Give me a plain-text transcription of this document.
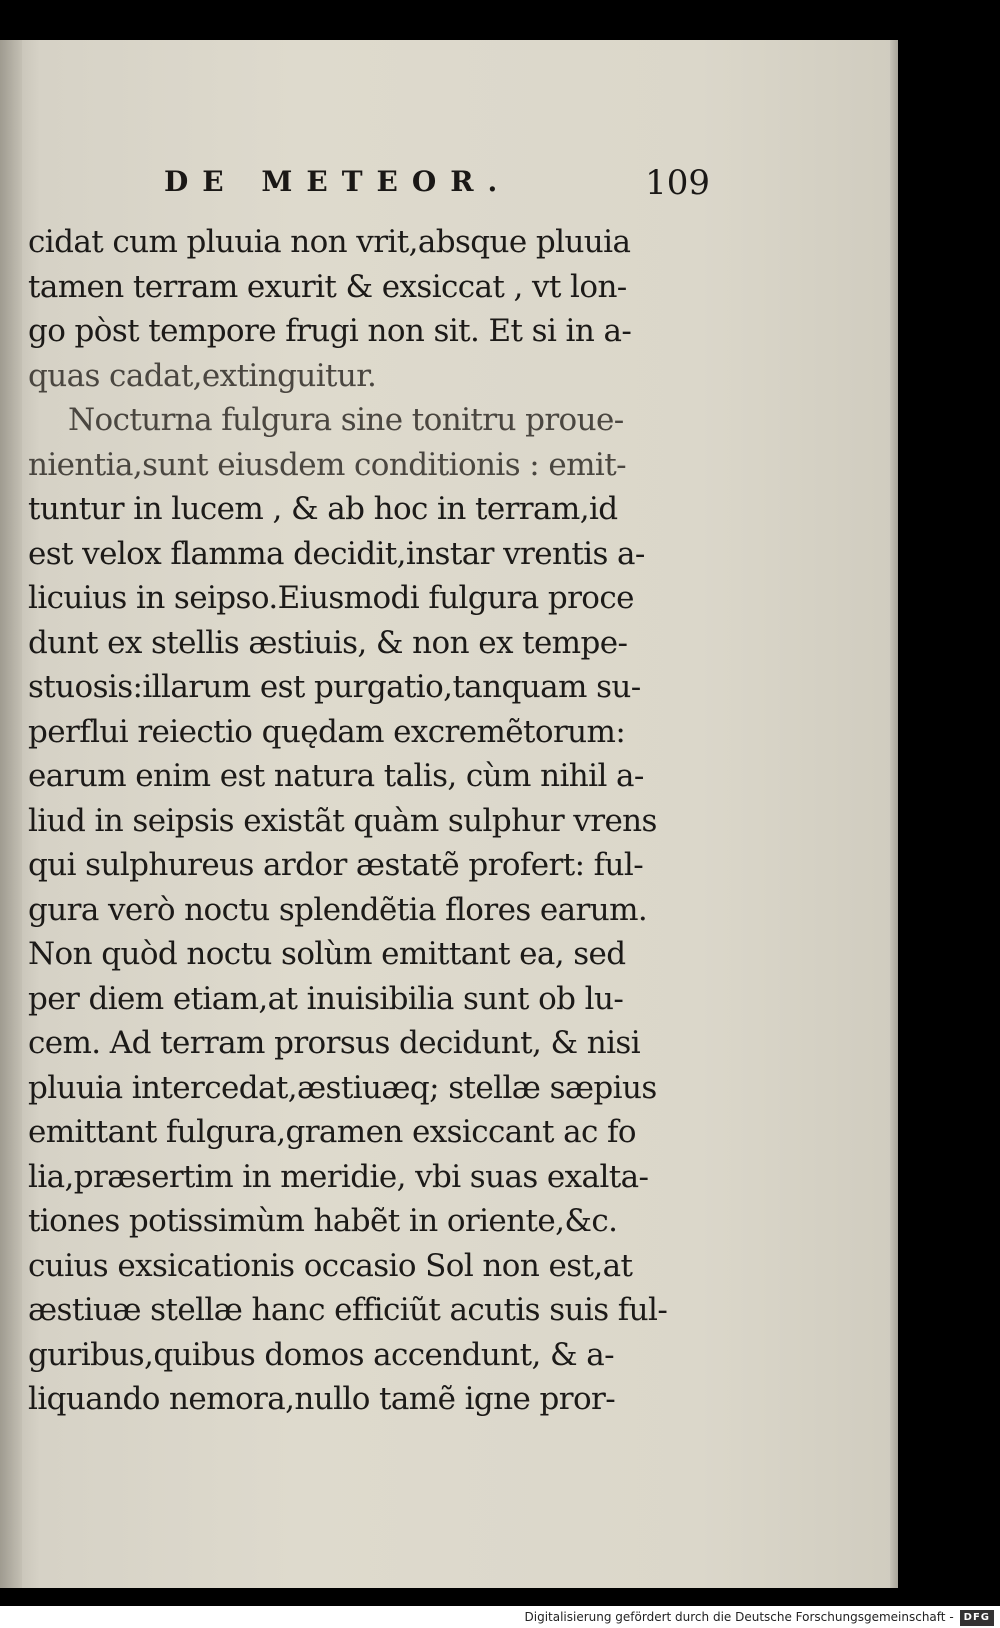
DE METEOR.	109
cidat cum pluuia non vrit,absque pluuia
tamen terram exurit & exsiccat , vt lon-
go pòst tempore frugi non sit. Et si in a-
quas cadat,extinguitur.
Nocturna fulgura sine tonitru proue-
nientia,sunt eiusdem conditionis : emit-
tuntur in lucem , & ab hoc in terram,id
est velox flamma decidit,instar vrentis a-
licuius in seipso.Eiusmodi fulgura proce
dunt ex stellis æstiuis, & non ex tempe-
stuosis:illarum est purgatio,tanquam su-
perflui reiectio quędam excremẽtorum:
earum enim est natura talis, cùm nihil a-
liud in seipsis existãt quàm sulphur vrens
qui sulphureus ardor æstatẽ profert: ful-
gura verò noctu splendẽtia flores earum.
Non quòd noctu solùm emittant ea, sed
per diem etiam,at inuisibilia sunt ob lu-
cem. Ad terram prorsus decidunt, & nisi
pluuia intercedat,æstiuæq; stellæ sæpius
emittant fulgura,gramen exsiccant ac fo
lia,præsertim in meridie, vbi suas exalta-
tiones potissimùm habẽt in oriente,&c.
cuius exsicationis occasio Sol non est,at
æstiuæ stellæ hanc efficiũt acutis suis ful-
guribus,quibus domos accendunt, & a-
liquando nemora,nullo tamẽ igne pror-
Digitalisierung gefördert durch die Deutsche Forschungsgemeinschaft - DFG
